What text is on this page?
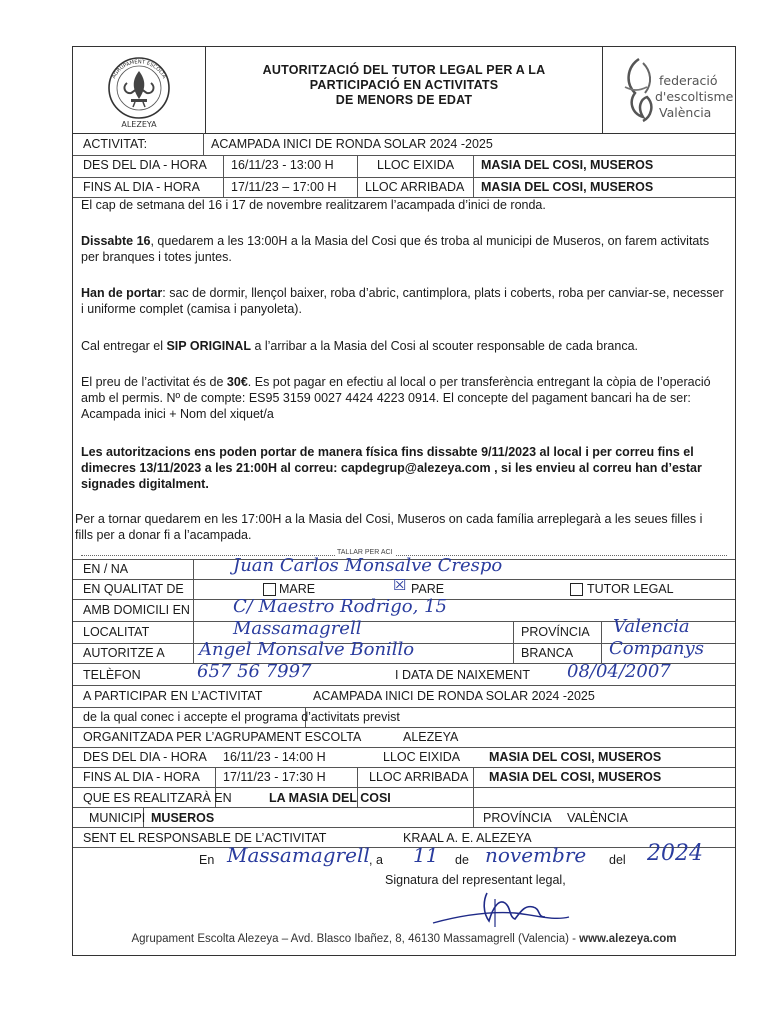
ALEZEYA
AGRUPAMENT ESCOLTA	AUTORITZACIÓ DEL TUTOR LEGAL PER A LA
PARTICIPACIÓ EN ACTIVITATS
DE MENORS DE EDAT
federació
d'escoltisme
València
ACTIVITAT:	ACAMPADA INICI DE RONDA SOLAR 2024 -2025
DES DEL DIA - HORA 16/11/23 - 13:00 H	LLOC EIXIDA MASIA DEL COSI, MUSEROS
FINS AL DIA - HORA 17/11/23 – 17:00 H LLOC ARRIBADA MASIA DEL COSI, MUSEROS
El cap de setmana del 16 i 17 de novembre realitzarem l’acampada d’inici de ronda.
Dissabte 16, quedarem a les 13:00H a la Masia del Cosi que és troba al municipi de Museros, on farem activitats per branques i totes juntes.
Han de portar: sac de dormir, llençol baixer, roba d’abric, cantimplora, plats i coberts, roba per canviar-se, necesser i uniforme complet (camisa i panyoleta).
Cal entregar el SIP ORIGINAL a l’arribar a la Masia del Cosi al scouter responsable de cada branca.
El preu de l’activitat és de 30€. Es pot pagar en efectiu al local o per transferència entregant la còpia de l’operació amb el permis. Nº de compte: ES95 3159 0027 4424 4223 0914. El concepte del pagament bancari ha de ser: Acampada inici + Nom del xiquet/a
Les autoritzacions ens poden portar de manera física fins dissabte 9/11/2023 al local i per correu fins el dimecres 13/11/2023 a les 21:00H al correu: capdegrup@alezeya.com , si les envieu al correu han d’estar signades digitalment.
Per a tornar quedarem en les 17:00H a la Masia del Cosi, Museros on cada família arreplegarà a les seues filles i fills per a donar fi a l’acampada.
TALLAR PER ACI
EN / NA	Juan Carlos Monsalve Crespo
EN QUALITAT DE	MARE	☒ PARE	TUTOR LEGAL
AMB DOMICILI EN C/ Maestro Rodrigo, 15
LOCALITAT	Massamagrell	PROVÍNCIA Valencia
AUTORITZE A Angel Monsalve Bonillo	BRANCA Companys
TELÈFON	657 56 7997	I DATA DE NAIXEMENT 08/04/2007
A PARTICIPAR EN L’ACTIVITAT	ACAMPADA INICI DE RONDA SOLAR 2024 -2025
de la qual conec i accepte el programa d’activitats previst
ORGANITZADA PER L’AGRUPAMENT ESCOLTA	ALEZEYA
DES DEL DIA - HORA 16/11/23 - 14:00 H	LLOC EIXIDA MASIA DEL COSI, MUSEROS
FINS AL DIA - HORA 17/11/23 - 17:30 H	LLOC ARRIBADA MASIA DEL COSI, MUSEROS
QUE ES REALITZARÀ EN	LA MASIA DEL COSI
MUNICIPI MUSEROS	PROVÍNCIA VALÈNCIA
SENT EL RESPONSABLE DE L’ACTIVITAT	KRAAL A. E. ALEZEYA
En Massamagrell , a 11 de novembre del 2024
Signatura del representant legal,
Agrupament Escolta Alezeya – Avd. Blasco Ibañez, 8, 46130 Massamagrell (Valencia) - www.alezeya.com
